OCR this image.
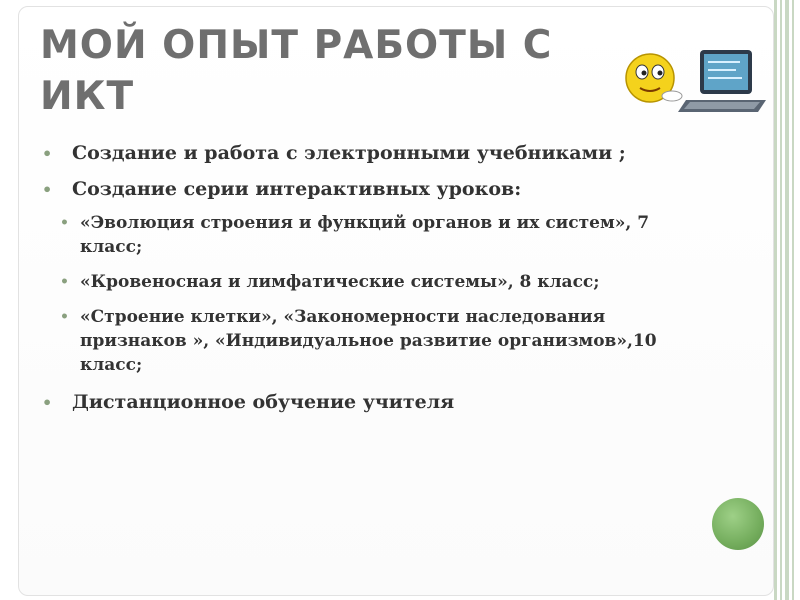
МОЙ ОПЫТ РАБОТЫ С ИКТ
• Создание и работа с электронными учебниками ;
• Создание серии интерактивных уроков:
• «Эволюция строения и функций органов и их систем», 7 класс;
• «Кровеносная и лимфатические системы», 8 класс;
• «Строение клетки», «Закономерности наследования признаков », «Индивидуальное развитие организмов»,10 класс;
• Дистанционное обучение учителя
